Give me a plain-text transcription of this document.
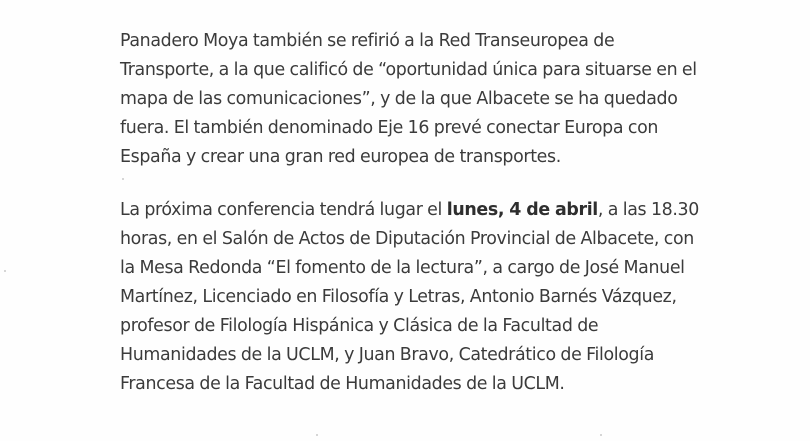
Panadero Moya también se refirió a la Red Transeuropea de
Transporte, a la que calificó de “oportunidad única para situarse en el
mapa de las comunicaciones”, y de la que Albacete se ha quedado
fuera. El también denominado Eje 16 prevé conectar Europa con
España y crear una gran red europea de transportes.
La próxima conferencia tendrá lugar el lunes, 4 de abril, a las 18.30
horas, en el Salón de Actos de Diputación Provincial de Albacete, con
la Mesa Redonda “El fomento de la lectura”, a cargo de José Manuel
Martínez, Licenciado en Filosofía y Letras, Antonio Barnés Vázquez,
profesor de Filología Hispánica y Clásica de la Facultad de
Humanidades de la UCLM, y Juan Bravo, Catedrático de Filología
Francesa de la Facultad de Humanidades de la UCLM.
